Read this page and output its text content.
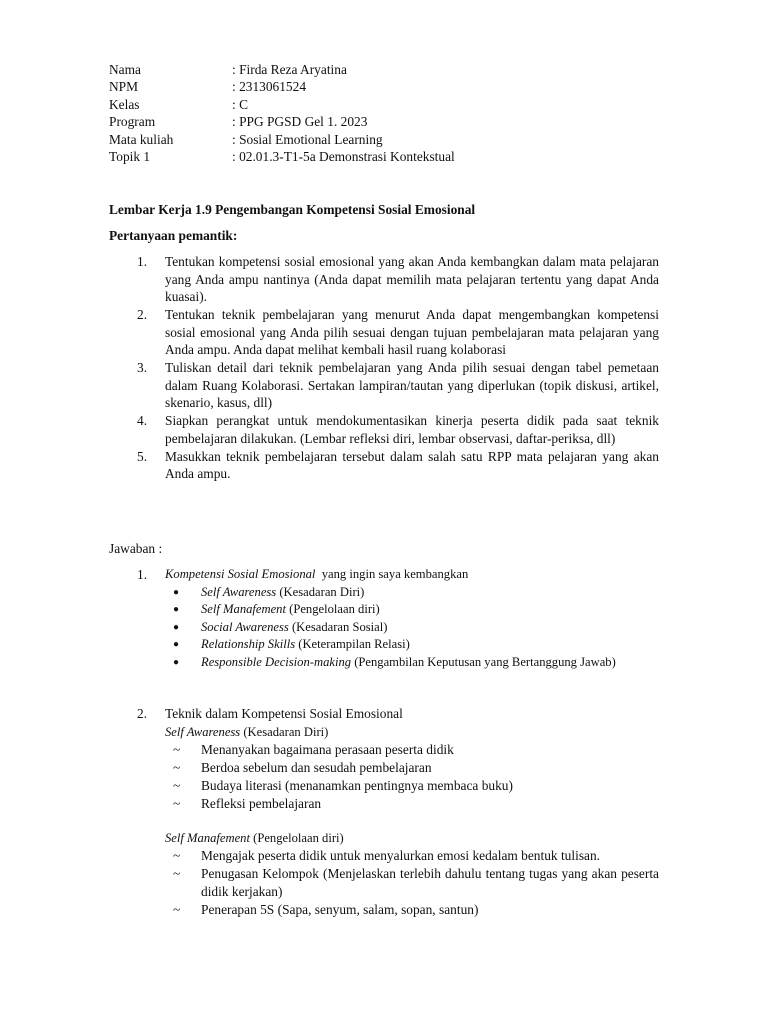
Nama	: Firda Reza Aryatina
NPM	: 2313061524
Kelas	: C
Program	: PPG PGSD Gel 1. 2023
Mata kuliah	: Sosial Emotional Learning
Topik 1	: 02.01.3-T1-5a Demonstrasi Kontekstual
Lembar Kerja 1.9 Pengembangan Kompetensi Sosial Emosional
Pertanyaan pemantik:
1.	Tentukan kompetensi sosial emosional yang akan Anda kembangkan dalam mata pelajaran yang Anda ampu nantinya (Anda dapat memilih mata pelajaran tertentu yang dapat Anda kuasai).
2.	Tentukan teknik pembelajaran yang menurut Anda dapat mengembangkan kompetensi sosial emosional yang Anda pilih sesuai dengan tujuan pembelajaran mata pelajaran yang Anda ampu. Anda dapat melihat kembali hasil ruang kolaborasi
3.	Tuliskan detail dari teknik pembelajaran yang Anda pilih sesuai dengan tabel pemetaan dalam Ruang Kolaborasi. Sertakan lampiran/tautan yang diperlukan (topik diskusi, artikel, skenario, kasus, dll)
4.	Siapkan perangkat untuk mendokumentasikan kinerja peserta didik pada saat teknik pembelajaran dilakukan. (Lembar refleksi diri, lembar observasi, daftar-periksa, dll)
5.	Masukkan teknik pembelajaran tersebut dalam salah satu RPP mata pelajaran yang akan Anda ampu.
Jawaban :
1.	Kompetensi Sosial Emosional  yang ingin saya kembangkan
●	Self Awareness (Kesadaran Diri)
●	Self Manafement (Pengelolaan diri)
●	Social Awareness (Kesadaran Sosial)
●	Relationship Skills (Keterampilan Relasi)
●	Responsible Decision-making (Pengambilan Keputusan yang Bertanggung Jawab)
2.	Teknik dalam Kompetensi Sosial Emosional
Self Awareness (Kesadaran Diri)
~	Menanyakan bagaimana perasaan peserta didik
~	Berdoa sebelum dan sesudah pembelajaran
~	Budaya literasi (menanamkan pentingnya membaca buku)
~	Refleksi pembelajaran
Self Manafement (Pengelolaan diri)
~	Mengajak peserta didik untuk menyalurkan emosi kedalam bentuk tulisan.
~	Penugasan Kelompok (Menjelaskan terlebih dahulu tentang tugas yang akan peserta didik kerjakan)
~	Penerapan 5S (Sapa, senyum, salam, sopan, santun)
